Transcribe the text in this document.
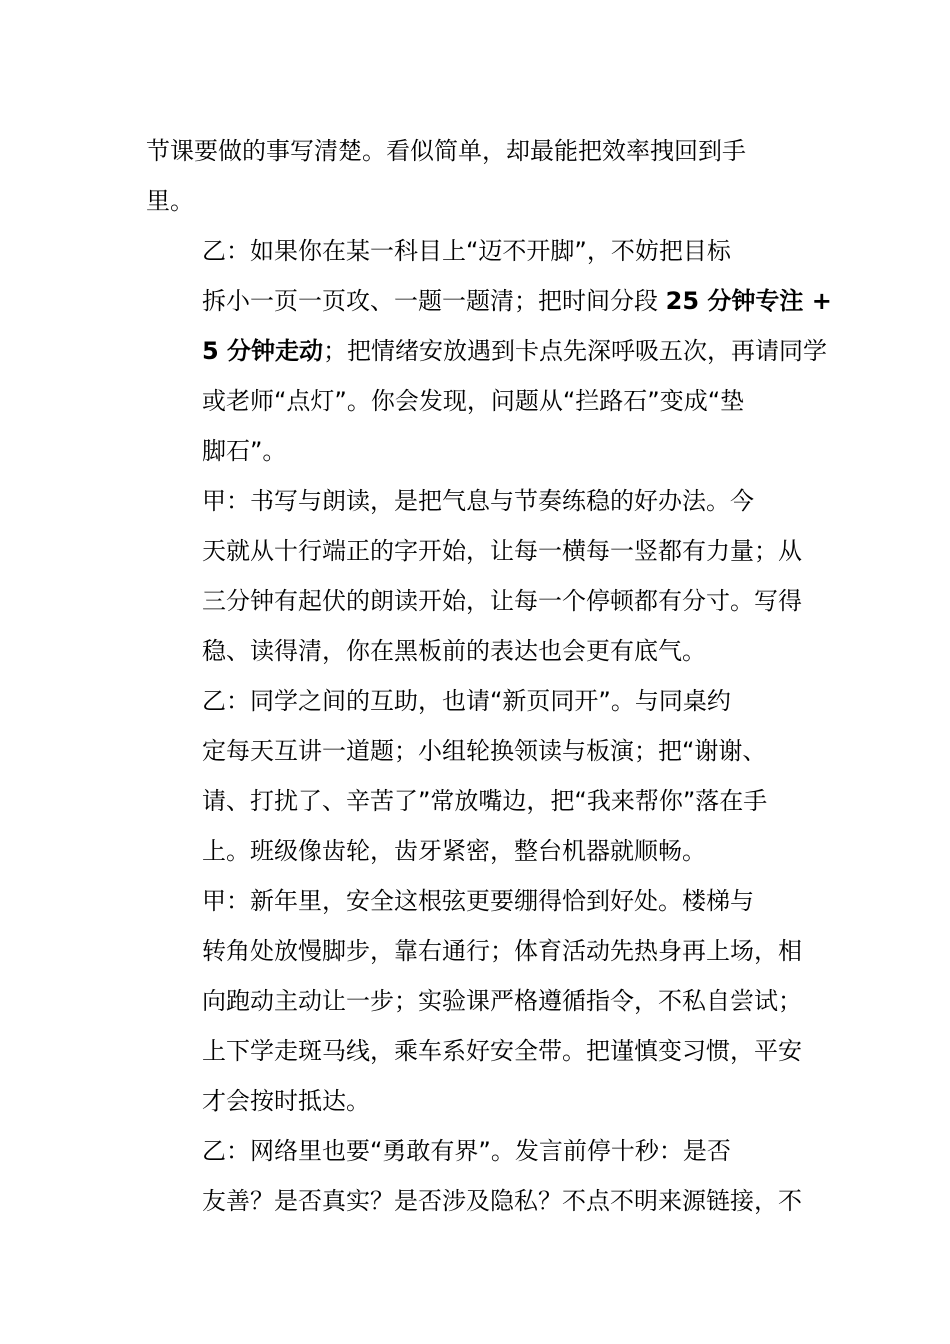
节课要做的事写清楚。看似简单，却最能把效率拽回到手
里。

乙：如果你在某一科目上“迈不开脚”，不妨把目标
拆小一页一页攻、一题一题清；把时间分段 25 分钟专注 +
5 分钟走动；把情绪安放遇到卡点先深呼吸五次，再请同学
或老师“点灯”。你会发现，问题从“拦路石”变成“垫
脚石”。

甲：书写与朗读，是把气息与节奏练稳的好办法。今
天就从十行端正的字开始，让每一横每一竖都有力量；从
三分钟有起伏的朗读开始，让每一个停顿都有分寸。写得
稳、读得清，你在黑板前的表达也会更有底气。

乙：同学之间的互助，也请“新页同开”。与同桌约
定每天互讲一道题；小组轮换领读与板演；把“谢谢、
请、打扰了、辛苦了”常放嘴边，把“我来帮你”落在手
上。班级像齿轮，齿牙紧密，整台机器就顺畅。

甲：新年里，安全这根弦更要绷得恰到好处。楼梯与
转角处放慢脚步，靠右通行；体育活动先热身再上场，相
向跑动主动让一步；实验课严格遵循指令，不私自尝试；
上下学走斑马线，乘车系好安全带。把谨慎变习惯，平安
才会按时抵达。

乙：网络里也要“勇敢有界”。发言前停十秒：是否
友善？是否真实？是否涉及隐私？不点不明来源链接，不
